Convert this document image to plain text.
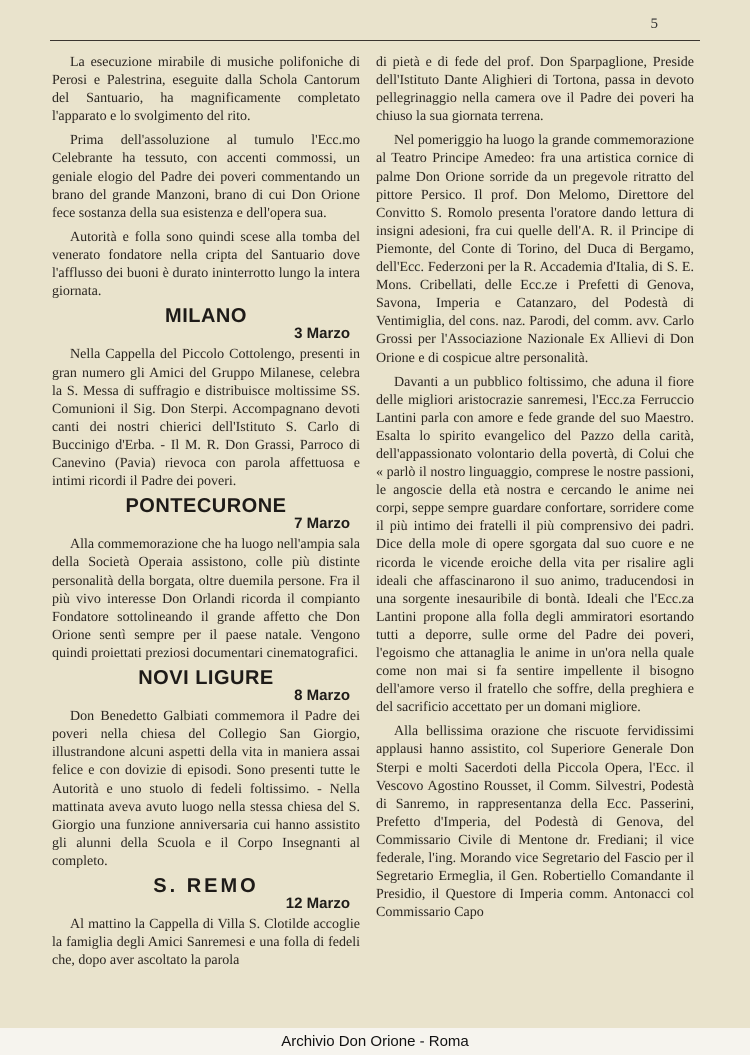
5

La esecuzione mirabile di musiche polifoniche di Perosi e Palestrina, eseguite dalla Schola Cantorum del Santuario, ha magnificamente completato l'apparato e lo svolgimento del rito.

Prima dell'assoluzione al tumulo l'Ecc.mo Celebrante ha tessuto, con accenti commossi, un geniale elogio del Padre dei poveri commentando un brano del grande Manzoni, brano di cui Don Orione fece sostanza della sua esistenza e dell'opera sua.

Autorità e folla sono quindi scese alla tomba del venerato fondatore nella cripta del Santuario dove l'afflusso dei buoni è durato ininterrotto lungo la intera giornata.

MILANO
3 Marzo

Nella Cappella del Piccolo Cottolengo, presenti in gran numero gli Amici del Gruppo Milanese, celebra la S. Messa di suffragio e distribuisce moltissime SS. Comunioni il Sig. Don Sterpi. Accompagnano devoti canti dei nostri chierici dell'Istituto S. Carlo di Buccinigo d'Erba. - Il M. R. Don Grassi, Parroco di Canevino (Pavia) rievoca con parola affettuosa e intimi ricordi il Padre dei poveri.

PONTECURONE
7 Marzo

Alla commemorazione che ha luogo nell'ampia sala della Società Operaia assistono, colle più distinte personalità della borgata, oltre duemila persone. Fra il più vivo interesse Don Orlandi ricorda il compianto Fondatore sottolineando il grande affetto che Don Orione sentì sempre per il paese natale. Vengono quindi proiettati preziosi documentari cinematografici.

NOVI LIGURE
8 Marzo

Don Benedetto Galbiati commemora il Padre dei poveri nella chiesa del Collegio San Giorgio, illustrandone alcuni aspetti della vita in maniera assai felice e con dovizie di episodi. Sono presenti tutte le Autorità e uno stuolo di fedeli foltissimo. - Nella mattinata aveva avuto luogo nella stessa chiesa del S. Giorgio una funzione anniversaria cui hanno assistito gli alunni della Scuola e il Corpo Insegnanti al completo.

S. REMO
12 Marzo

Al mattino la Cappella di Villa S. Clotilde accoglie la famiglia degli Amici Sanremesi e una folla di fedeli che, dopo aver ascoltato la parola

di pietà e di fede del prof. Don Sparpaglione, Preside dell'Istituto Dante Alighieri di Tortona, passa in devoto pellegrinaggio nella camera ove il Padre dei poveri ha chiuso la sua giornata terrena.

Nel pomeriggio ha luogo la grande commemorazione al Teatro Principe Amedeo: fra una artistica cornice di palme Don Orione sorride da un pregevole ritratto del pittore Persico. Il prof. Don Melomo, Direttore del Convitto S. Romolo presenta l'oratore dando lettura di insigni adesioni, fra cui quelle dell'A. R. il Principe di Piemonte, del Conte di Torino, del Duca di Bergamo, dell'Ecc. Federzoni per la R. Accademia d'Italia, di S. E. Mons. Cribellati, delle Ecc.ze i Prefetti di Genova, Savona, Imperia e Catanzaro, del Podestà di Ventimiglia, del cons. naz. Parodi, del comm. avv. Carlo Grossi per l'Associazione Nazionale Ex Allievi di Don Orione e di cospicue altre personalità.

Davanti a un pubblico foltissimo, che aduna il fiore delle migliori aristocrazie sanremesi, l'Ecc.za Ferruccio Lantini parla con amore e fede grande del suo Maestro. Esalta lo spirito evangelico del Pazzo della carità, dell'appassionato volontario della povertà, di Colui che « parlò il nostro linguaggio, comprese le nostre passioni, le angoscie della età nostra e cercando le anime nei corpi, seppe sempre guardare confortare, sorridere come il più intimo dei fratelli il più comprensivo dei padri. Dice della mole di opere sgorgata dal suo cuore e ne ricorda le vicende eroiche della vita per risalire agli ideali che affascinarono il suo animo, traducendosi in una sorgente inesauribile di bontà. Ideali che l'Ecc.za Lantini propone alla folla degli ammiratori esortando tutti a deporre, sulle orme del Padre dei poveri, l'egoismo che attanaglia le anime in un'ora nella quale come non mai si fa sentire impellente il bisogno dell'amore verso il fratello che soffre, della preghiera e del sacrificio accettato per un domani migliore.

Alla bellissima orazione che riscuote fervidissimi applausi hanno assistito, col Superiore Generale Don Sterpi e molti Sacerdoti della Piccola Opera, l'Ecc. il Vescovo Agostino Rousset, il Comm. Silvestri, Podestà di Sanremo, in rappresentanza della Ecc. Passerini, Prefetto d'Imperia, del Podestà di Genova, del Commissario Civile di Mentone dr. Frediani; il vice federale, l'ing. Morando vice Segretario del Fascio per il Segretario Ermeglia, il Gen. Robertiello Comandante il Presidio, il Questore di Imperia comm. Antonacci col Commissario Capo

Archivio Don Orione - Roma
